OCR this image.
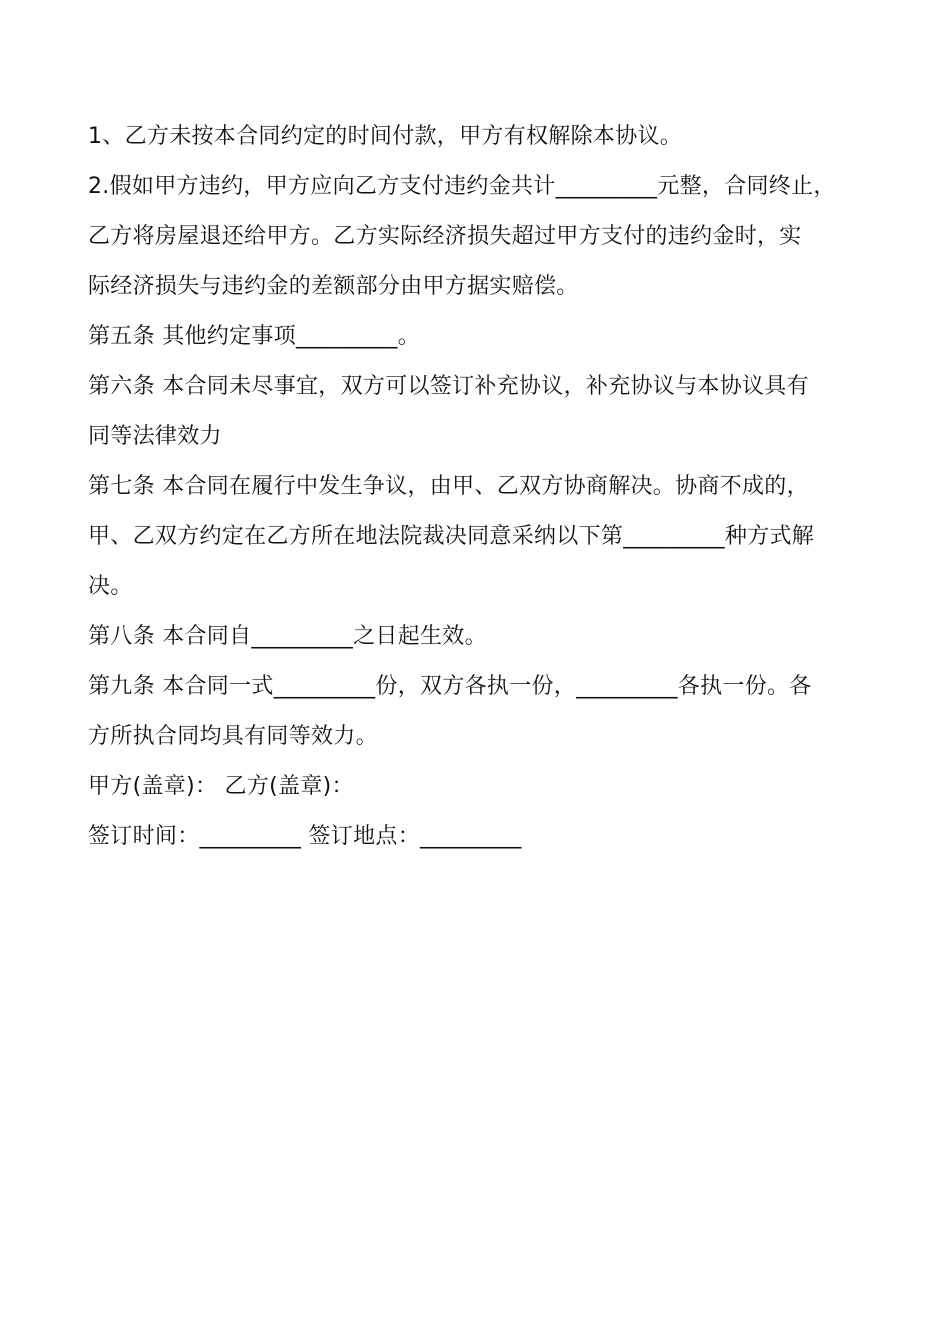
1、乙方未按本合同约定的时间付款，甲方有权解除本协议。
2.假如甲方违约，甲方应向乙方支付违约金共计_________元整，合同终止，
乙方将房屋退还给甲方。乙方实际经济损失超过甲方支付的违约金时，实
际经济损失与违约金的差额部分由甲方据实赔偿。
第五条 其他约定事项_________。
第六条 本合同未尽事宜，双方可以签订补充协议，补充协议与本协议具有
同等法律效力
第七条 本合同在履行中发生争议，由甲、乙双方协商解决。协商不成的，
甲、乙双方约定在乙方所在地法院裁决同意采纳以下第_________种方式解
决。
第八条 本合同自_________之日起生效。
第九条 本合同一式_________份，双方各执一份，_________各执一份。各
方所执合同均具有同等效力。
甲方(盖章)： 乙方(盖章)：
签订时间：_________ 签订地点：_________
